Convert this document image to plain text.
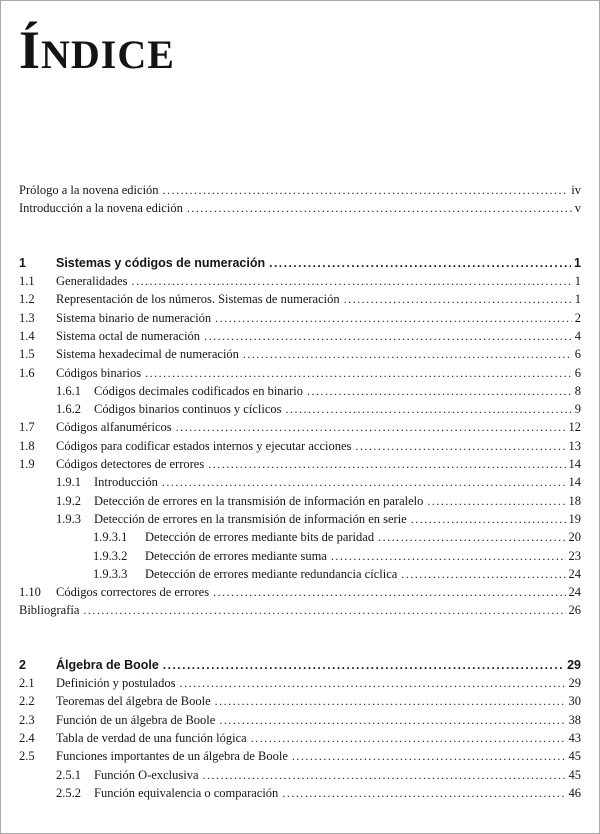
ÍNDICE
Prólogo a la novena edición .....	iv
Introducción a la novena edición .....	v
1	Sistemas y códigos de numeración .....	1
1.1	Generalidades .....	1
1.2	Representación de los números. Sistemas de numeración .....	1
1.3	Sistema binario de numeración .....	2
1.4	Sistema octal de numeración .....	4
1.5	Sistema hexadecimal de numeración .....	6
1.6	Códigos binarios .....	6
1.6.1	Códigos decimales codificados en binario .....	8
1.6.2	Códigos binarios continuos y cíclicos .....	9
1.7	Códigos alfanuméricos .....	12
1.8	Códigos para codificar estados internos y ejecutar acciones .....	13
1.9	Códigos detectores de errores .....	14
1.9.1	Introducción .....	14
1.9.2	Detección de errores en la transmisión de información en paralelo .....	18
1.9.3	Detección de errores en la transmisión de información en serie .....	19
1.9.3.1	Detección de errores mediante bits de paridad .....	20
1.9.3.2	Detección de errores mediante suma .....	23
1.9.3.3	Detección de errores mediante redundancia cíclica .....	24
1.10	Códigos correctores de errores .....	24
Bibliografía .....	26
2	Álgebra de Boole .....	29
2.1	Definición y postulados .....	29
2.2	Teoremas del álgebra de Boole .....	30
2.3	Función de un álgebra de Boole .....	38
2.4	Tabla de verdad de una función lógica .....	43
2.5	Funciones importantes de un álgebra de Boole .....	45
2.5.1	Función O-exclusiva .....	45
2.5.2	Función equivalencia o comparación .....	46
